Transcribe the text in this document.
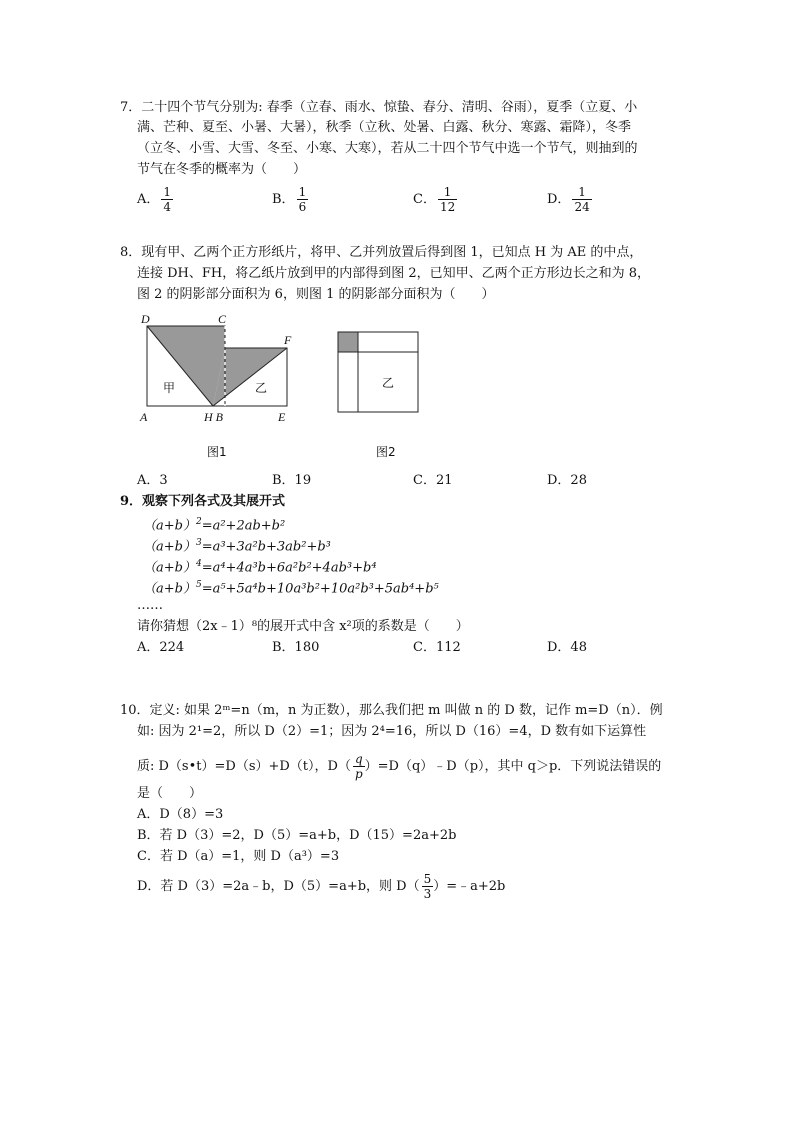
7．二十四个节气分别为: 春季（立春、雨水、惊蛰、春分、清明、谷雨），夏季（立夏、小
满、芒种、夏至、小暑、大暑），秋季（立秋、处暑、白露、秋分、寒露、霜降），冬季
（立冬、小雪、大雪、冬至、小寒、大寒），若从二十四个节气中选一个节气，则抽到的
节气在冬季的概率为（　　）
A． $\frac{1}{4}$	B． $\frac{1}{6}$	C． $\frac{1}{12}$	D． $\frac{1}{24}$
8．现有甲、乙两个正方形纸片，将甲、乙并列放置后得到图 1，已知点 H 为 AE 的中点，
连接 DH、FH，将乙纸片放到甲的内部得到图 2，已知甲、乙两个正方形边长之和为 8，
图 2 的阴影部分面积为 6，则图 1 的阴影部分面积为（　　）
D	C
F
A	H B	E
甲	乙
图1
乙
图2
A．3	B．19	C．21	D．28
9．观察下列各式及其展开式
$(a+b)^2=a^2+2ab+b^2$
$(a+b)^3=a^3+3a^2b+3ab^2+b^3$
$(a+b)^4=a^4+4a^3b+6a^2b^2+4ab^3+b^4$
$(a+b)^5=a^5+5a^4b+10a^3b^2+10a^2b^3+5ab^4+b^5$
……
请你猜想（2x﹣1）⁸的展开式中含 x²项的系数是（　　）
A．224	B．180	C．112	D．48
10．定义: 如果 2ᵐ=n（m，n 为正数），那么我们把 m 叫做 n 的 D 数，记作 m=D（n）．例
如: 因为 2¹=2，所以 D（2）=1；因为 2⁴=16，所以 D（16）=4，D 数有如下运算性
质: D（s•t）=D（s）+D（t），$D( \frac{q}{p}$ ）=D（q）﹣D（p），其中 q＞p．下列说法错误的
是（　　）
A．D（8）=3
B．若 D（3）=2，D（5）=a+b，D（15）=2a+2b
C．若 D（a）=1，则 D（a³）=3
D．若 D（3）=2a﹣b，D（5）=a+b，则 $D( \frac{5}{3}$ ）=﹣a+2b
